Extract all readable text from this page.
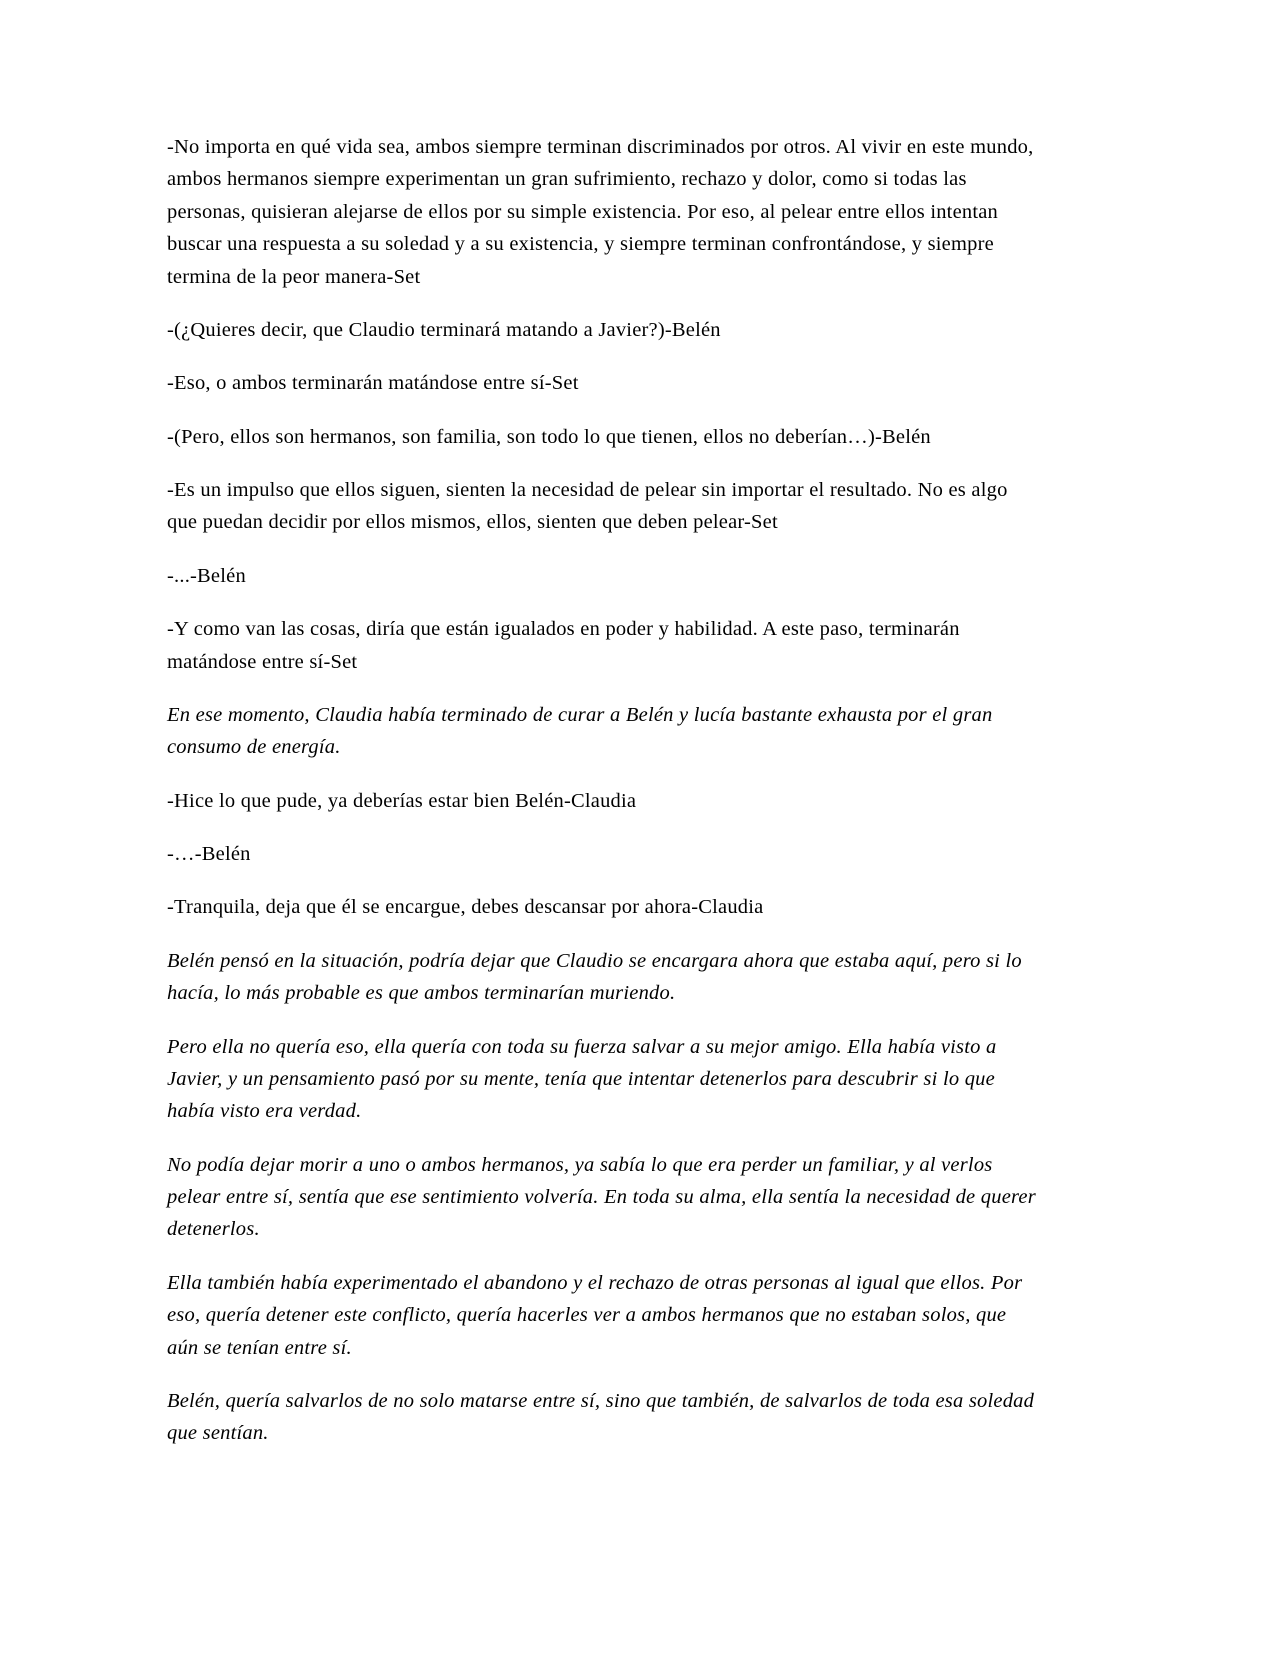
-No importa en qué vida sea, ambos siempre terminan discriminados por otros. Al vivir en este mundo, ambos hermanos siempre experimentan un gran sufrimiento, rechazo y dolor, como si todas las personas, quisieran alejarse de ellos por su simple existencia. Por eso, al pelear entre ellos intentan buscar una respuesta a su soledad y a su existencia, y siempre terminan confrontándose, y siempre termina de la peor manera-Set

-(¿Quieres decir, que Claudio terminará matando a Javier?)-Belén

-Eso, o ambos terminarán matándose entre sí-Set

-(Pero, ellos son hermanos, son familia, son todo lo que tienen, ellos no deberían…)-Belén

-Es un impulso que ellos siguen, sienten la necesidad de pelear sin importar el resultado. No es algo que puedan decidir por ellos mismos, ellos, sienten que deben pelear-Set

-...-Belén

-Y como van las cosas, diría que están igualados en poder y habilidad. A este paso, terminarán matándose entre sí-Set

En ese momento, Claudia había terminado de curar a Belén y lucía bastante exhausta por el gran consumo de energía.

-Hice lo que pude, ya deberías estar bien Belén-Claudia

-…-Belén

-Tranquila, deja que él se encargue, debes descansar por ahora-Claudia

Belén pensó en la situación, podría dejar que Claudio se encargara ahora que estaba aquí, pero si lo hacía, lo más probable es que ambos terminarían muriendo.

Pero ella no quería eso, ella quería con toda su fuerza salvar a su mejor amigo. Ella había visto a Javier, y un pensamiento pasó por su mente, tenía que intentar detenerlos para descubrir si lo que había visto era verdad.

No podía dejar morir a uno o ambos hermanos, ya sabía lo que era perder un familiar, y al verlos pelear entre sí, sentía que ese sentimiento volvería. En toda su alma, ella sentía la necesidad de querer detenerlos.

Ella también había experimentado el abandono y el rechazo de otras personas al igual que ellos. Por eso, quería detener este conflicto, quería hacerles ver a ambos hermanos que no estaban solos, que aún se tenían entre sí.

Belén, quería salvarlos de no solo matarse entre sí, sino que también, de salvarlos de toda esa soledad que sentían.
